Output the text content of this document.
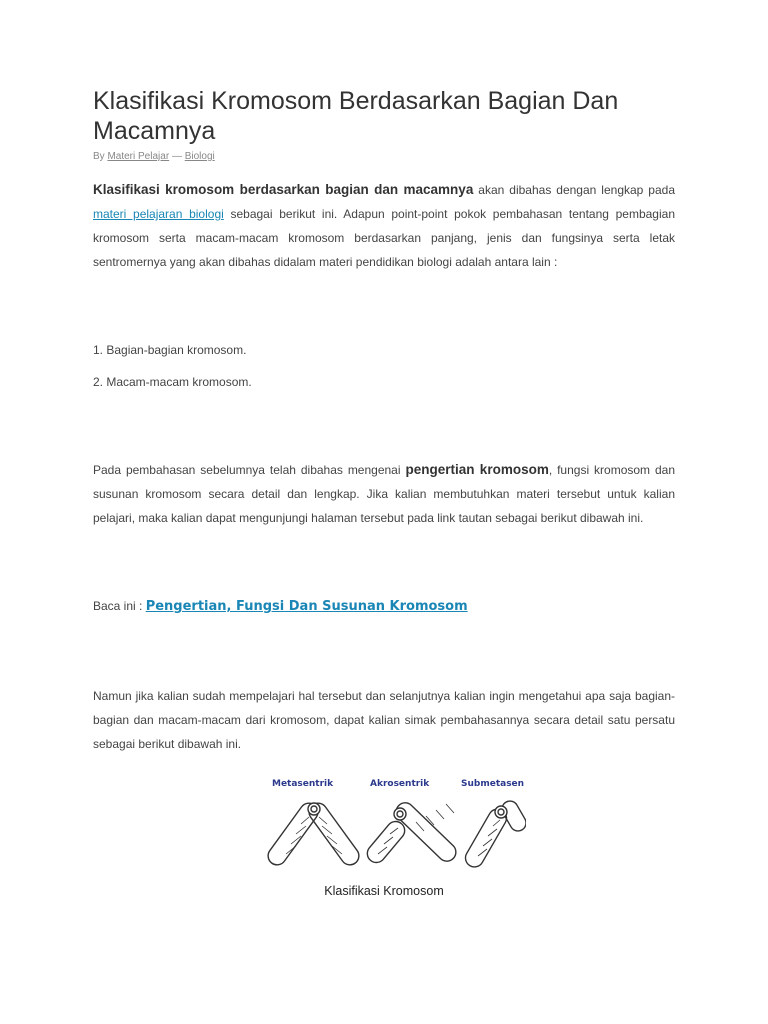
Klasifikasi Kromosom Berdasarkan Bagian Dan Macamnya
By Materi Pelajar — Biologi

Klasifikasi kromosom berdasarkan bagian dan macamnya akan dibahas dengan lengkap pada materi pelajaran biologi sebagai berikut ini. Adapun point-point pokok pembahasan tentang pembagian kromosom serta macam-macam kromosom berdasarkan panjang, jenis dan fungsinya serta letak sentromernya yang akan dibahas didalam materi pendidikan biologi adalah antara lain :

1. Bagian-bagian kromosom.
2. Macam-macam kromosom.

Pada pembahasan sebelumnya telah dibahas mengenai pengertian kromosom, fungsi kromosom dan susunan kromosom secara detail dan lengkap. Jika kalian membutuhkan materi tersebut untuk kalian pelajari, maka kalian dapat mengunjungi halaman tersebut pada link tautan sebagai berikut dibawah ini.

Baca ini : Pengertian, Fungsi Dan Susunan Kromosom

Namun jika kalian sudah mempelajari hal tersebut dan selanjutnya kalian ingin mengetahui apa saja bagian-bagian dan macam-macam dari kromosom, dapat kalian simak pembahasannya secara detail satu persatu sebagai berikut dibawah ini.

Metasentrik	Akrosentrik	Submetasen
Klasifikasi Kromosom
